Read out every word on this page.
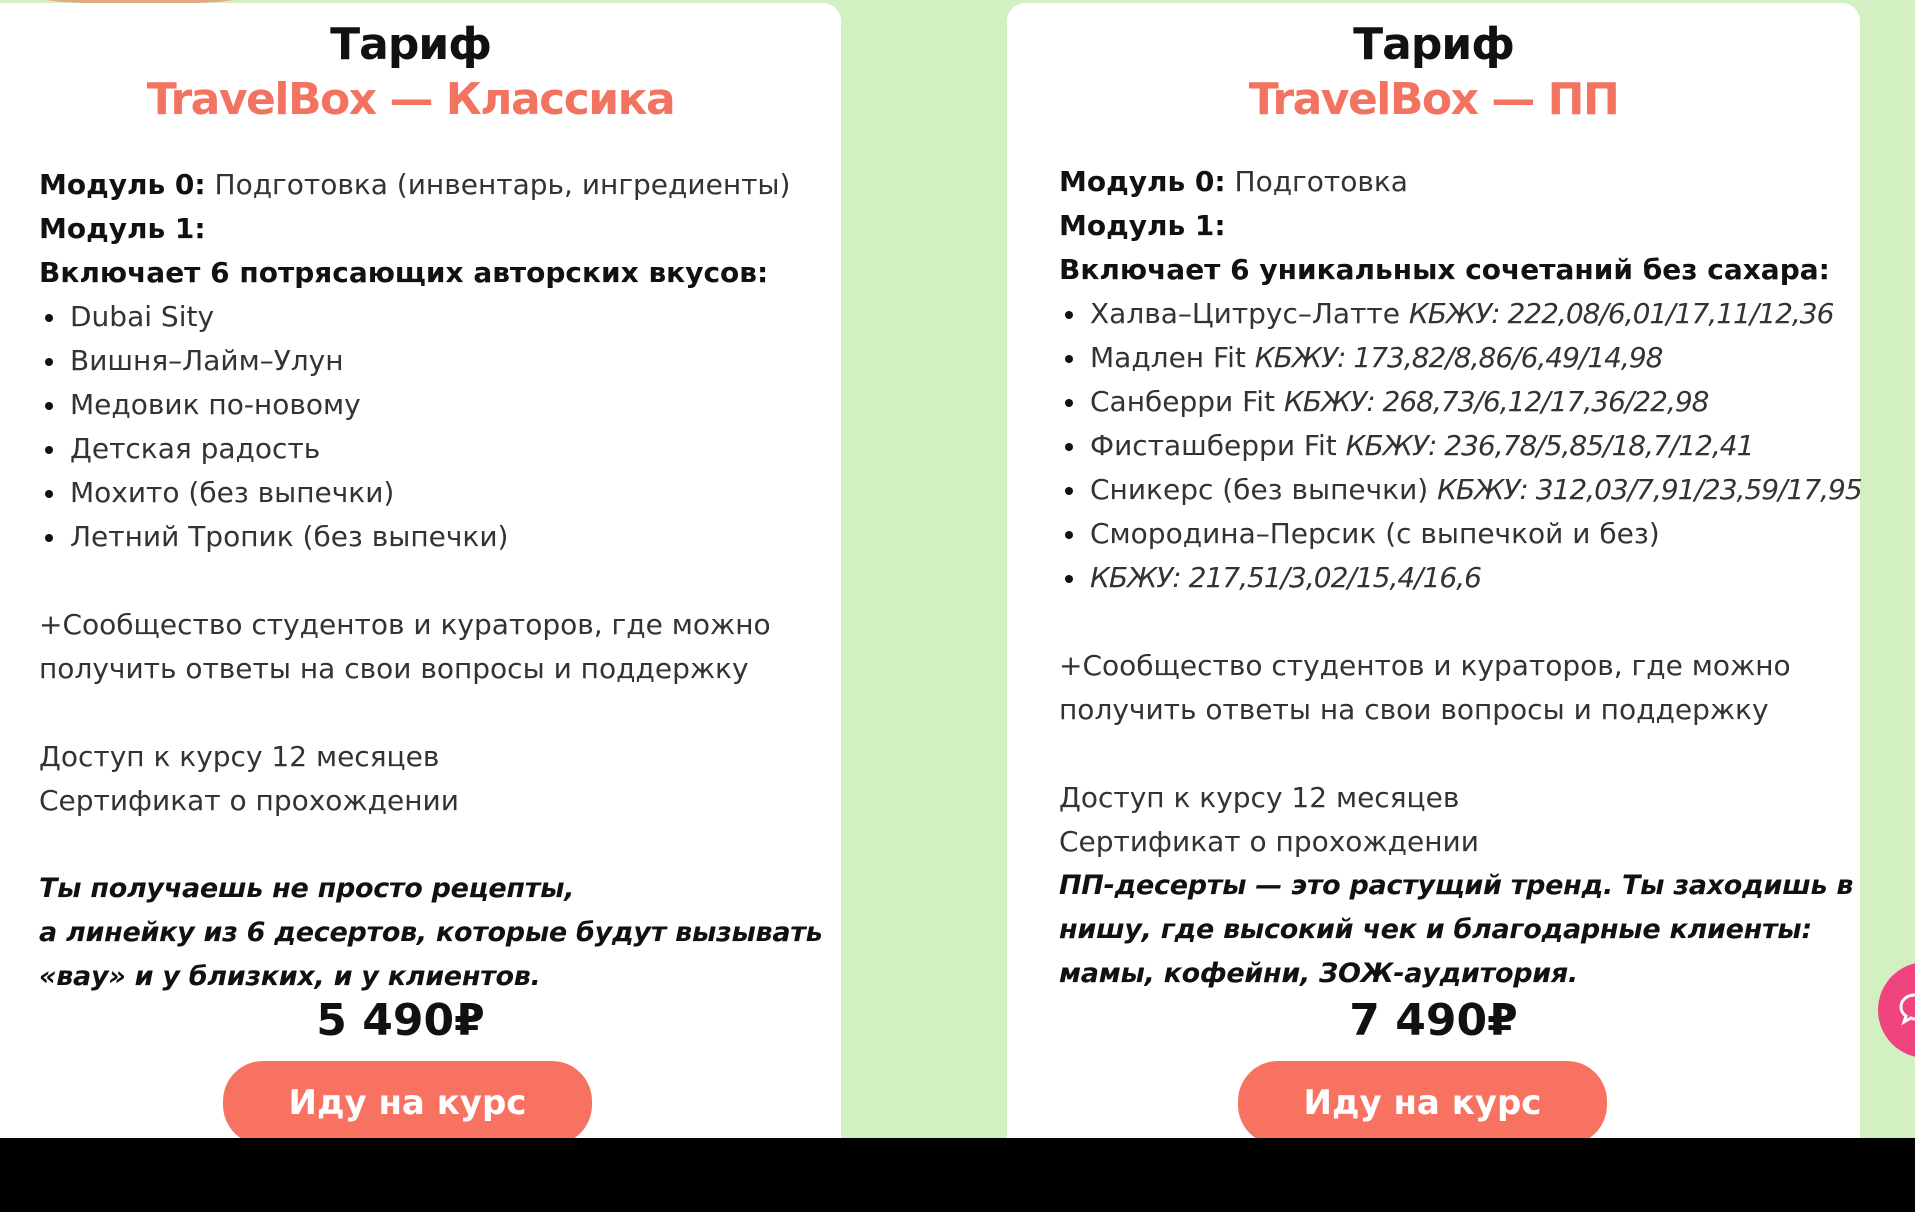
Тариф
TravelBox — Классика
Модуль 0: Подготовка (инвентарь, ингредиенты)
Модуль 1:
Включает 6 потрясающих авторских вкусов:
Dubai Sity
Вишня–Лайм–Улун
Медовик по-новому
Детская радость
Мохито (без выпечки)
Летний Тропик (без выпечки)
+Сообщество студентов и кураторов, где можно
получить ответы на свои вопросы и поддержку
Доступ к курсу 12 месяцев
Сертификат о прохождении
Ты получаешь не просто рецепты,
а линейку из 6 десертов, которые будут вызывать
«вау» и у близких, и у клиентов.
5 490₽
Иду на курс
Тариф
TravelBox — ПП
Модуль 0: Подготовка
Модуль 1:
Включает 6 уникальных сочетаний без сахара:
Халва–Цитрус–Латте КБЖУ: 222,08/6,01/17,11/12,36
Мадлен Fit КБЖУ: 173,82/8,86/6,49/14,98
Санберри Fit КБЖУ: 268,73/6,12/17,36/22,98
Фисташберри Fit КБЖУ: 236,78/5,85/18,7/12,41
Сникерс (без выпечки) КБЖУ: 312,03/7,91/23,59/17,95
Смородина–Персик (с выпечкой и без)
КБЖУ: 217,51/3,02/15,4/16,6
+Сообщество студентов и кураторов, где можно
получить ответы на свои вопросы и поддержку
Доступ к курсу 12 месяцев
Сертификат о прохождении
ПП-десерты — это растущий тренд. Ты заходишь в
нишу, где высокий чек и благодарные клиенты:
мамы, кофейни, ЗОЖ-аудитория.
7 490₽
Иду на курс
